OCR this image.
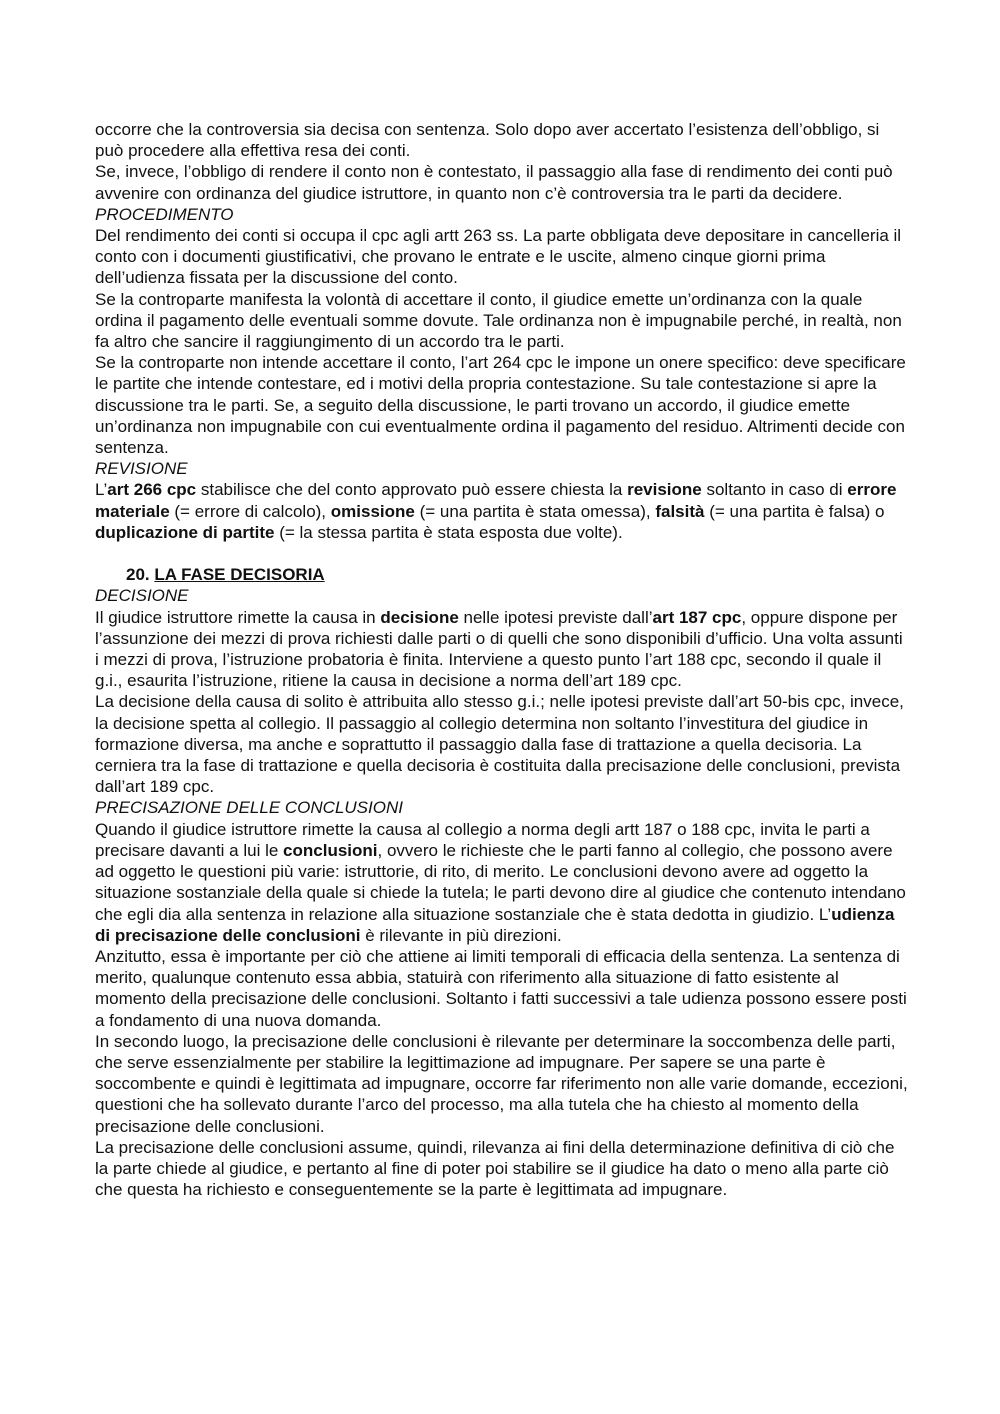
occorre che la controversia sia decisa con sentenza. Solo dopo aver accertato l’esistenza dell’obbligo, si può procedere alla effettiva resa dei conti.

Se, invece, l’obbligo di rendere il conto non è contestato, il passaggio alla fase di rendimento dei conti può avvenire con ordinanza del giudice istruttore, in quanto non c’è controversia tra le parti da decidere.

PROCEDIMENTO

Del rendimento dei conti si occupa il cpc agli artt 263 ss. La parte obbligata deve depositare in cancelleria il conto con i documenti giustificativi, che provano le entrate e le uscite, almeno cinque giorni prima dell’udienza fissata per la discussione del conto.

Se la controparte manifesta la volontà di accettare il conto, il giudice emette un’ordinanza con la quale ordina il pagamento delle eventuali somme dovute. Tale ordinanza non è impugnabile perché, in realtà, non fa altro che sancire il raggiungimento di un accordo tra le parti.

Se la controparte non intende accettare il conto, l’art 264 cpc le impone un onere specifico: deve specificare le partite che intende contestare, ed i motivi della propria contestazione. Su tale contestazione si apre la discussione tra le parti. Se, a seguito della discussione, le parti trovano un accordo, il giudice emette un’ordinanza non impugnabile con cui eventualmente ordina il pagamento del residuo. Altrimenti decide con sentenza.

REVISIONE

L’art 266 cpc stabilisce che del conto approvato può essere chiesta la revisione soltanto in caso di errore materiale (= errore di calcolo), omissione (= una partita è stata omessa), falsità (= una partita è falsa) o duplicazione di partite (= la stessa partita è stata esposta due volte).

20. LA FASE DECISORIA

DECISIONE

Il giudice istruttore rimette la causa in decisione nelle ipotesi previste dall’art 187 cpc, oppure dispone per l’assunzione dei mezzi di prova richiesti dalle parti o di quelli che sono disponibili d’ufficio. Una volta assunti i mezzi di prova, l’istruzione probatoria è finita. Interviene a questo punto l’art 188 cpc, secondo il quale il g.i., esaurita l’istruzione, ritiene la causa in decisione a norma dell’art 189 cpc.

La decisione della causa di solito è attribuita allo stesso g.i.; nelle ipotesi previste dall’art 50-bis cpc, invece, la decisione spetta al collegio. Il passaggio al collegio determina non soltanto l’investitura del giudice in formazione diversa, ma anche e soprattutto il passaggio dalla fase di trattazione a quella decisoria. La cerniera tra la fase di trattazione e quella decisoria è costituita dalla precisazione delle conclusioni, prevista dall’art 189 cpc.

PRECISAZIONE DELLE CONCLUSIONI

Quando il giudice istruttore rimette la causa al collegio a norma degli artt 187 o 188 cpc, invita le parti a precisare davanti a lui le conclusioni, ovvero le richieste che le parti fanno al collegio, che possono avere ad oggetto le questioni più varie: istruttorie, di rito, di merito. Le conclusioni devono avere ad oggetto la situazione sostanziale della quale si chiede la tutela; le parti devono dire al giudice che contenuto intendano che egli dia alla sentenza in relazione alla situazione sostanziale che è stata dedotta in giudizio. L’udienza di precisazione delle conclusioni è rilevante in più direzioni.

Anzitutto, essa è importante per ciò che attiene ai limiti temporali di efficacia della sentenza. La sentenza di merito, qualunque contenuto essa abbia, statuirà con riferimento alla situazione di fatto esistente al momento della precisazione delle conclusioni. Soltanto i fatti successivi a tale udienza possono essere posti a fondamento di una nuova domanda.

In secondo luogo, la precisazione delle conclusioni è rilevante per determinare la soccombenza delle parti, che serve essenzialmente per stabilire la legittimazione ad impugnare. Per sapere se una parte è soccombente e quindi è legittimata ad impugnare, occorre far riferimento non alle varie domande, eccezioni, questioni che ha sollevato durante l’arco del processo, ma alla tutela che ha chiesto al momento della precisazione delle conclusioni.

La precisazione delle conclusioni assume, quindi, rilevanza ai fini della determinazione definitiva di ciò che la parte chiede al giudice, e pertanto al fine di poter poi stabilire se il giudice ha dato o meno alla parte ciò che questa ha richiesto e conseguentemente se la parte è legittimata ad impugnare.
